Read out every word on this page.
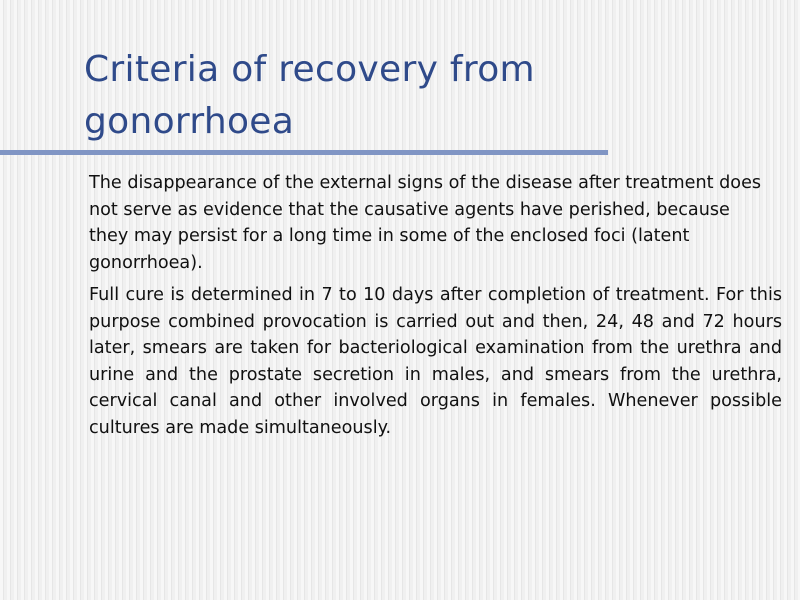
Criteria of recovery from gonorrhoea

The disappearance of the external signs of the disease after treatment does not serve as evidence that the causative agents have perished, because they may persist for a long time in some of the enclosed foci (latent gonorrhoea).

Full cure is determined in 7 to 10 days after completion of treatment. For this purpose combined provocation is carried out and then, 24, 48 and 72 hours later, smears are taken for bacteriological examination from the urethra and urine and the prostate secretion in males, and smears from the urethra, cervical canal and other involved organs in females. Whenever possible cultures are made simultaneously.
